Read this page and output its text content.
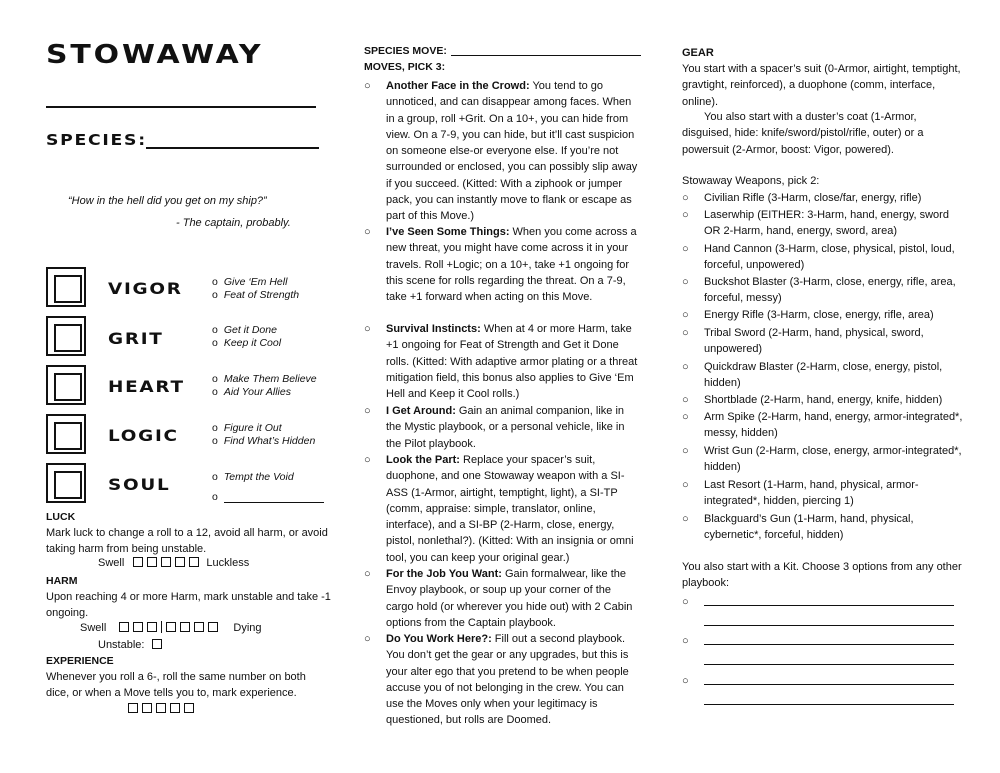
STOWAWAY
SPECIES:
“How in the hell did you get on my ship?”
- The captain, probably.
VIGOR	o Give ‘Em Hell
o Feat of Strength
GRIT	o Get it Done
o Keep it Cool
HEART	o Make Them Believe
o Aid Your Allies
LOGIC	o Figure it Out
o Find What’s Hidden
SOUL	o Tempt the Void
o
LUCK
Mark luck to change a roll to a 12, avoid all harm, or avoid taking harm from being unstable.
Swell	Luckless
HARM
Upon reaching 4 or more Harm, mark unstable and take -1 ongoing.
Swell	Dying
Unstable:
EXPERIENCE
Whenever you roll a 6-, roll the same number on both dice, or when a Move tells you to, mark experience.
SPECIES MOVE:
MOVES, PICK 3:
○ Another Face in the Crowd: You tend to go unnoticed, and can disappear among faces. When in a group, roll +Grit. On a 10+, you can hide from view. On a 7-9, you can hide, but it’ll cast suspicion on someone else-or everyone else. If you’re not surrounded or enclosed, you can possibly slip away if you succeed. (Kitted: With a ziphook or jumper pack, you can instantly move to flank or escape as part of this Move.)
○ I’ve Seen Some Things: When you come across a new threat, you might have come across it in your travels. Roll +Logic; on a 10+, take +1 ongoing for this scene for rolls regarding the threat. On a 7-9, take +1 forward when acting on this Move.
○ Survival Instincts: When at 4 or more Harm, take +1 ongoing for Feat of Strength and Get it Done rolls. (Kitted: With adaptive armor plating or a threat mitigation field, this bonus also applies to Give ‘Em Hell and Keep it Cool rolls.)
○ I Get Around: Gain an animal companion, like in the Mystic playbook, or a personal vehicle, like in the Pilot playbook.
○ Look the Part: Replace your spacer’s suit, duophone, and one Stowaway weapon with a SI-ASS (1-Armor, airtight, temptight, light), a SI-TP (comm, appraise: simple, translator, online, interface), and a SI-BP (2-Harm, close, energy, pistol, nonlethal?). (Kitted: With an insignia or omni tool, you can keep your original gear.)
○ For the Job You Want: Gain formalwear, like the Envoy playbook, or soup up your corner of the cargo hold (or wherever you hide out) with 2 Cabin options from the Captain playbook.
○ Do You Work Here?: Fill out a second playbook. You don’t get the gear or any upgrades, but this is your alter ego that you pretend to be when people accuse you of not belonging in the crew. You can use the Moves only when your legitimacy is questioned, but rolls are Doomed.
GEAR
You start with a spacer’s suit (0-Armor, airtight, temptight, gravtight, reinforced), a duophone (comm, interface, online).
You also start with a duster’s coat (1-Armor, disguised, hide: knife/sword/pistol/rifle, outer) or a powersuit (2-Armor, boost: Vigor, powered).
Stowaway Weapons, pick 2:
○ Civilian Rifle (3-Harm, close/far, energy, rifle)
○ Laserwhip (EITHER: 3-Harm, hand, energy, sword OR 2-Harm, hand, energy, sword, area)
○ Hand Cannon (3-Harm, close, physical, pistol, loud, forceful, unpowered)
○ Buckshot Blaster (3-Harm, close, energy, rifle, area, forceful, messy)
○ Energy Rifle (3-Harm, close, energy, rifle, area)
○ Tribal Sword (2-Harm, hand, physical, sword, unpowered)
○ Quickdraw Blaster (2-Harm, close, energy, pistol, hidden)
○ Shortblade (2-Harm, hand, energy, knife, hidden)
○ Arm Spike (2-Harm, hand, energy, armor-integrated*, messy, hidden)
○ Wrist Gun (2-Harm, close, energy, armor-integrated*, hidden)
○ Last Resort (1-Harm, hand, physical, armor-integrated*, hidden, piercing 1)
○ Blackguard’s Gun (1-Harm, hand, physical, cybernetic*, forceful, hidden)
You also start with a Kit. Choose 3 options from any other playbook:
○
○
○
